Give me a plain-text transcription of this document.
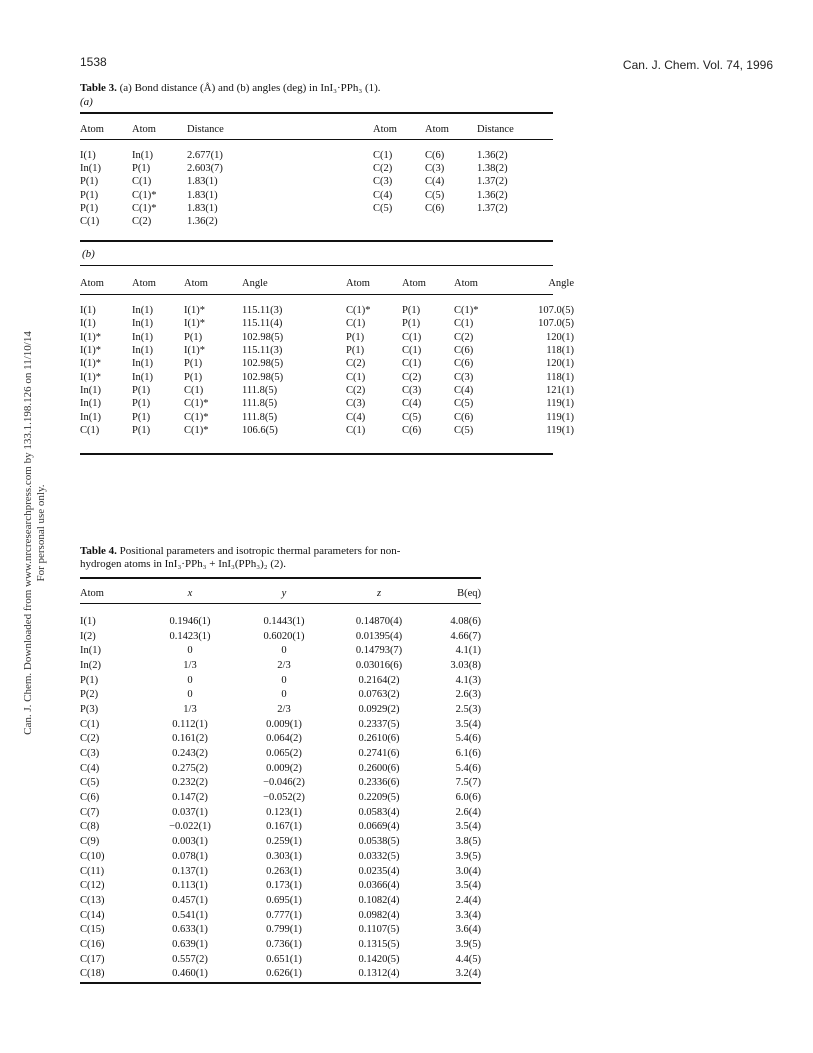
1538	Can. J. Chem. Vol. 74, 1996
Can. J. Chem. Downloaded from www.nrcresearchpress.com by 133.1.198.126 on 11/10/14 For personal use only.
Table 3. (a) Bond distance (Å) and (b) angles (deg) in InI₃·PPh₃ (1).
(a)
Atom	Atom	Distance	Atom	Atom	Distance
I(1)	In(1)	2.677(1)	C(1)	C(6)	1.36(2)
In(1)	P(1)	2.603(7)	C(2)	C(3)	1.38(2)
P(1)	C(1)	1.83(1)	C(3)	C(4)	1.37(2)
P(1)	C(1)*	1.83(1)	C(4)	C(5)	1.36(2)
P(1)	C(1)*	1.83(1)	C(5)	C(6)	1.37(2)
C(1)	C(2)	1.36(2)			
(b)
Atom	Atom	Atom	Angle	Atom	Atom	Atom	Angle
I(1)	In(1)	I(1)*	115.11(3)	C(1)*	P(1)	C(1)*	107.0(5)
I(1)	In(1)	I(1)*	115.11(4)	C(1)	P(1)	C(1)	107.0(5)
I(1)*	In(1)	P(1)	102.98(5)	P(1)	C(1)	C(2)	120(1)
I(1)*	In(1)	I(1)*	115.11(3)	P(1)	C(1)	C(6)	118(1)
I(1)*	In(1)	P(1)	102.98(5)	C(2)	C(1)	C(6)	120(1)
I(1)*	In(1)	P(1)	102.98(5)	C(1)	C(2)	C(3)	118(1)
In(1)	P(1)	C(1)	111.8(5)	C(2)	C(3)	C(4)	121(1)
In(1)	P(1)	C(1)*	111.8(5)	C(3)	C(4)	C(5)	119(1)
In(1)	P(1)	C(1)*	111.8(5)	C(4)	C(5)	C(6)	119(1)
C(1)	P(1)	C(1)*	106.6(5)	C(1)	C(6)	C(5)	119(1)
Table 4. Positional parameters and isotropic thermal parameters for non-
hydrogen atoms in InI₃·PPh₃ + InI₃(PPh₃)₂ (2).
Atom	x	y	z	B(eq)
I(1)	0.1946(1)	0.1443(1)	0.14870(4)	4.08(6)
I(2)	0.1423(1)	0.6020(1)	0.01395(4)	4.66(7)
In(1)	0	0	0.14793(7)	4.1(1)
In(2)	1/3	2/3	0.03016(6)	3.03(8)
P(1)	0	0	0.2164(2)	4.1(3)
P(2)	0	0	0.0763(2)	2.6(3)
P(3)	1/3	2/3	0.0929(2)	2.5(3)
C(1)	0.112(1)	0.009(1)	0.2337(5)	3.5(4)
C(2)	0.161(2)	0.064(2)	0.2610(6)	5.4(6)
C(3)	0.243(2)	0.065(2)	0.2741(6)	6.1(6)
C(4)	0.275(2)	0.009(2)	0.2600(6)	5.4(6)
C(5)	0.232(2)	−0.046(2)	0.2336(6)	7.5(7)
C(6)	0.147(2)	−0.052(2)	0.2209(5)	6.0(6)
C(7)	0.037(1)	0.123(1)	0.0583(4)	2.6(4)
C(8)	−0.022(1)	0.167(1)	0.0669(4)	3.5(4)
C(9)	0.003(1)	0.259(1)	0.0538(5)	3.8(5)
C(10)	0.078(1)	0.303(1)	0.0332(5)	3.9(5)
C(11)	0.137(1)	0.263(1)	0.0235(4)	3.0(4)
C(12)	0.113(1)	0.173(1)	0.0366(4)	3.5(4)
C(13)	0.457(1)	0.695(1)	0.1082(4)	2.4(4)
C(14)	0.541(1)	0.777(1)	0.0982(4)	3.3(4)
C(15)	0.633(1)	0.799(1)	0.1107(5)	3.6(4)
C(16)	0.639(1)	0.736(1)	0.1315(5)	3.9(5)
C(17)	0.557(2)	0.651(1)	0.1420(5)	4.4(5)
C(18)	0.460(1)	0.626(1)	0.1312(4)	3.2(4)
